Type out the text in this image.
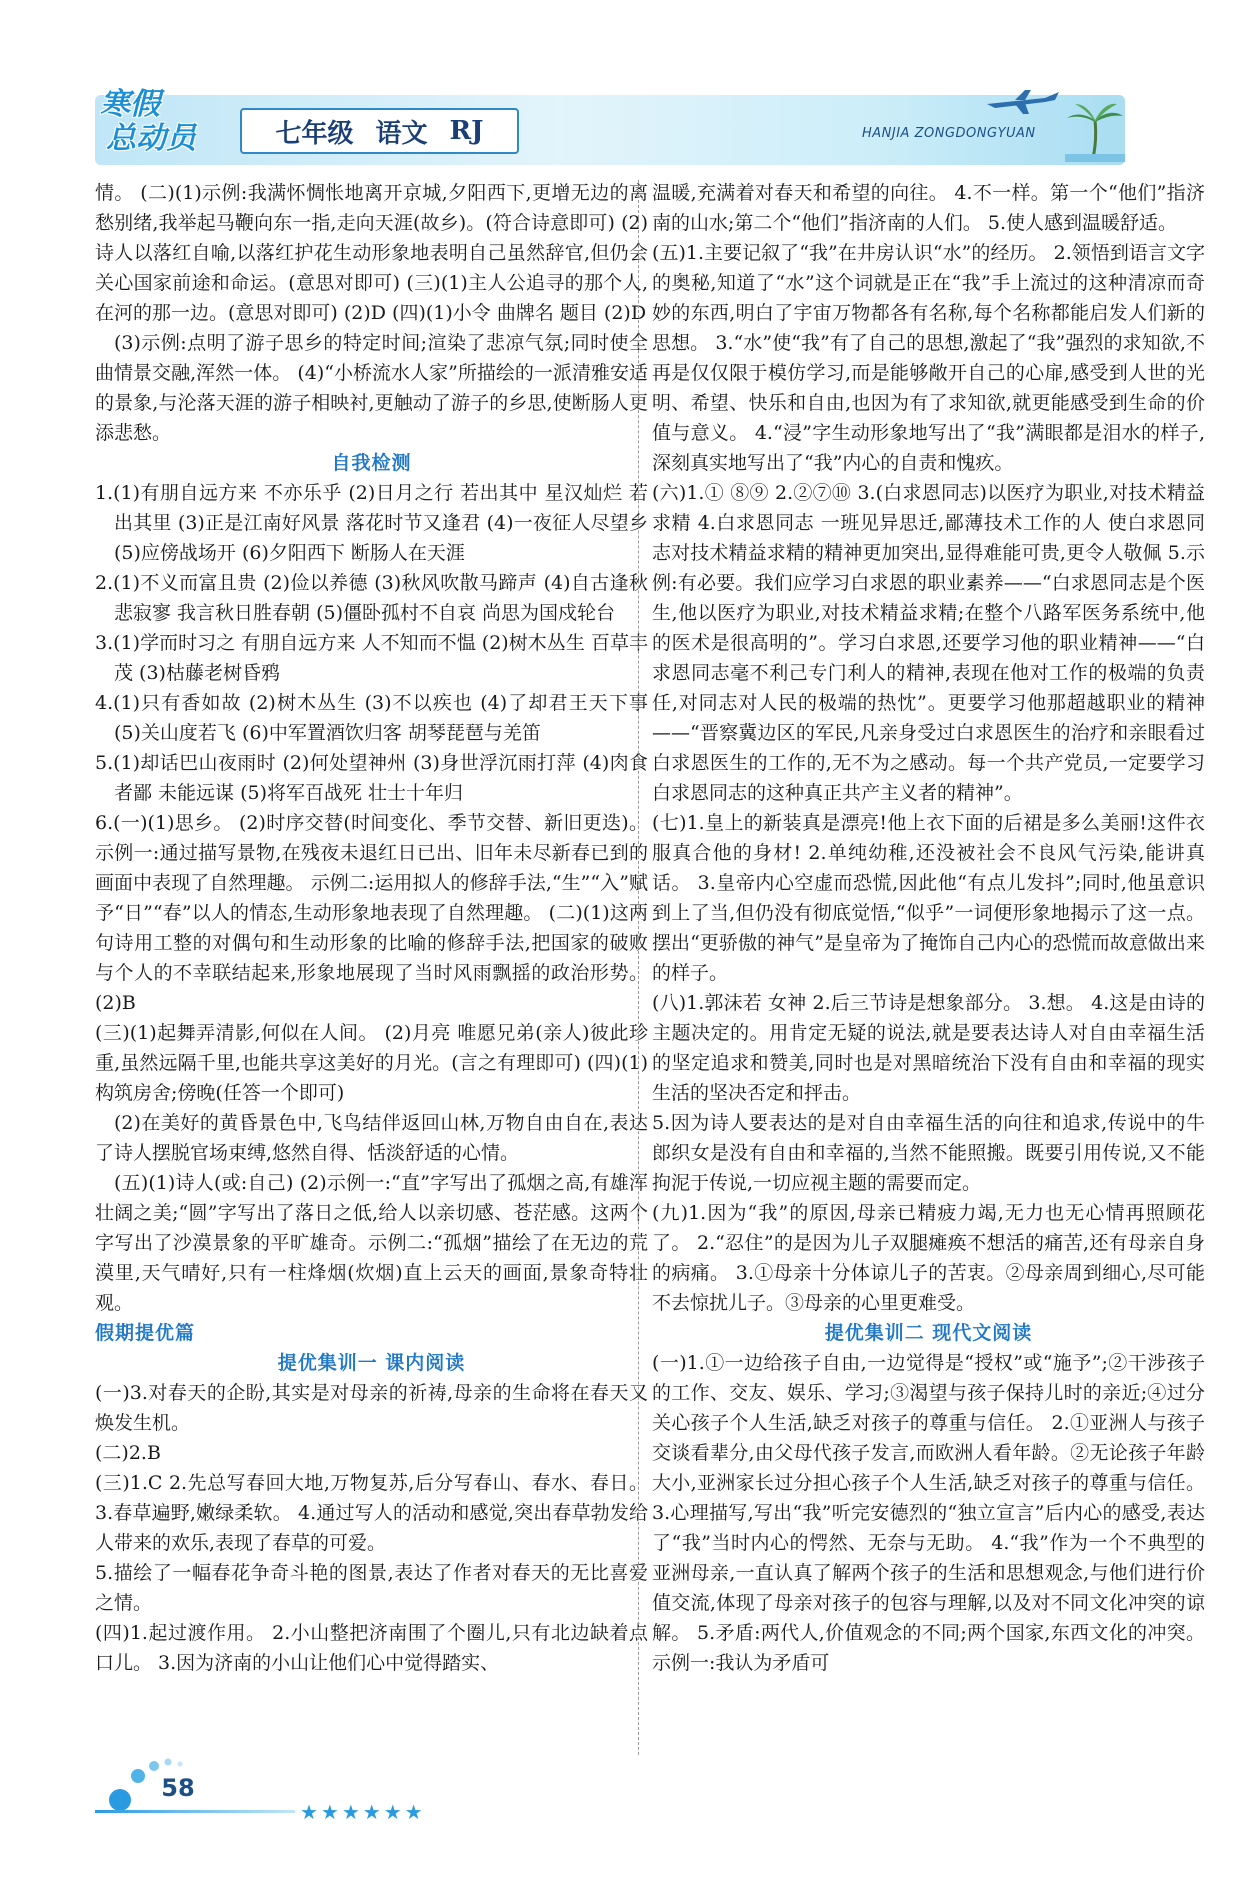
寒假
总动员	七年级 语文 RJ	HANJIA ZONGDONGYUAN

情。 (二)(1)示例:我满怀惆怅地离开京城,夕阳西下,更增无边的离愁别绪,我举起马鞭向东一指,走向天涯(故乡)。(符合诗意即可) (2)诗人以落红自喻,以落红护花生动形象地表明自己虽然辞官,但仍会关心国家前途和命运。(意思对即可) (三)(1)主人公追寻的那个人,在河的那一边。(意思对即可) (2)D (四)(1)小令 曲牌名 题目 (2)D

(3)示例:点明了游子思乡的特定时间;渲染了悲凉气氛;同时使全曲情景交融,浑然一体。 (4)“小桥流水人家”所描绘的一派清雅安适的景象,与沦落天涯的游子相映衬,更触动了游子的乡思,使断肠人更添悲愁。

自我检测

1.(1)有朋自远方来 不亦乐乎 (2)日月之行 若出其中 星汉灿烂 若出其里 (3)正是江南好风景 落花时节又逢君 (4)一夜征人尽望乡 (5)应傍战场开 (6)夕阳西下 断肠人在天涯

2.(1)不义而富且贵 (2)俭以养德 (3)秋风吹散马蹄声 (4)自古逢秋悲寂寥 我言秋日胜春朝 (5)僵卧孤村不自哀 尚思为国戍轮台

3.(1)学而时习之 有朋自远方来 人不知而不愠 (2)树木丛生 百草丰茂 (3)枯藤老树昏鸦

4.(1)只有香如故 (2)树木丛生 (3)不以疾也 (4)了却君王天下事 (5)关山度若飞 (6)中军置酒饮归客 胡琴琵琶与羌笛

5.(1)却话巴山夜雨时 (2)何处望神州 (3)身世浮沉雨打萍 (4)肉食者鄙 未能远谋 (5)将军百战死 壮士十年归

6.(一)(1)思乡。 (2)时序交替(时间变化、季节交替、新旧更迭)。示例一:通过描写景物,在残夜未退红日已出、旧年未尽新春已到的画面中表现了自然理趣。 示例二:运用拟人的修辞手法,“生”“入”赋予“日”“春”以人的情态,生动形象地表现了自然理趣。 (二)(1)这两句诗用工整的对偶句和生动形象的比喻的修辞手法,把国家的破败与个人的不幸联结起来,形象地展现了当时风雨飘摇的政治形势。 (2)B

(三)(1)起舞弄清影,何似在人间。 (2)月亮 唯愿兄弟(亲人)彼此珍重,虽然远隔千里,也能共享这美好的月光。(言之有理即可) (四)(1)构筑房舍;傍晚(任答一个即可)

(2)在美好的黄昏景色中,飞鸟结伴返回山林,万物自由自在,表达了诗人摆脱官场束缚,悠然自得、恬淡舒适的心情。

(五)(1)诗人(或:自己) (2)示例一:“直”字写出了孤烟之高,有雄浑壮阔之美;“圆”字写出了落日之低,给人以亲切感、苍茫感。这两个字写出了沙漠景象的平旷雄奇。示例二:“孤烟”描绘了在无边的荒漠里,天气晴好,只有一柱烽烟(炊烟)直上云天的画面,景象奇特壮观。

假期提优篇

提优集训一 课内阅读

(一)3.对春天的企盼,其实是对母亲的祈祷,母亲的生命将在春天又焕发生机。

(二)2.B

(三)1.C 2.先总写春回大地,万物复苏,后分写春山、春水、春日。 3.春草遍野,嫩绿柔软。 4.通过写人的活动和感觉,突出春草勃发给人带来的欢乐,表现了春草的可爱。

5.描绘了一幅春花争奇斗艳的图景,表达了作者对春天的无比喜爱之情。

(四)1.起过渡作用。 2.小山整把济南围了个圈儿,只有北边缺着点口儿。 3.因为济南的小山让他们心中觉得踏实、

温暖,充满着对春天和希望的向往。 4.不一样。第一个“他们”指济南的山水;第二个“他们”指济南的人们。 5.使人感到温暖舒适。

(五)1.主要记叙了“我”在井房认识“水”的经历。 2.领悟到语言文字的奥秘,知道了“水”这个词就是正在“我”手上流过的这种清凉而奇妙的东西,明白了宇宙万物都各有名称,每个名称都能启发人们新的思想。 3.“水”使“我”有了自己的思想,激起了“我”强烈的求知欲,不再是仅仅限于模仿学习,而是能够敞开自己的心扉,感受到人世的光明、希望、快乐和自由,也因为有了求知欲,就更能感受到生命的价值与意义。 4.“浸”字生动形象地写出了“我”满眼都是泪水的样子,深刻真实地写出了“我”内心的自责和愧疚。

(六)1.① ⑧⑨ 2.②⑦⑩ 3.(白求恩同志)以医疗为职业,对技术精益求精 4.白求恩同志 一班见异思迁,鄙薄技术工作的人 使白求恩同志对技术精益求精的精神更加突出,显得难能可贵,更令人敬佩 5.示例:有必要。我们应学习白求恩的职业素养——“白求恩同志是个医生,他以医疗为职业,对技术精益求精;在整个八路军医务系统中,他的医术是很高明的”。学习白求恩,还要学习他的职业精神——“白求恩同志毫不利己专门利人的精神,表现在他对工作的极端的负责任,对同志对人民的极端的热忱”。更要学习他那超越职业的精神——“晋察冀边区的军民,凡亲身受过白求恩医生的治疗和亲眼看过白求恩医生的工作的,无不为之感动。每一个共产党员,一定要学习白求恩同志的这种真正共产主义者的精神”。

(七)1.皇上的新装真是漂亮!他上衣下面的后裙是多么美丽!这件衣服真合他的身材! 2.单纯幼稚,还没被社会不良风气污染,能讲真话。 3.皇帝内心空虚而恐慌,因此他“有点儿发抖”;同时,他虽意识到上了当,但仍没有彻底觉悟,“似乎”一词便形象地揭示了这一点。摆出“更骄傲的神气”是皇帝为了掩饰自己内心的恐慌而故意做出来的样子。

(八)1.郭沫若 女神 2.后三节诗是想象部分。 3.想。 4.这是由诗的主题决定的。用肯定无疑的说法,就是要表达诗人对自由幸福生活的坚定追求和赞美,同时也是对黑暗统治下没有自由和幸福的现实生活的坚决否定和抨击。

5.因为诗人要表达的是对自由幸福生活的向往和追求,传说中的牛郎织女是没有自由和幸福的,当然不能照搬。既要引用传说,又不能拘泥于传说,一切应视主题的需要而定。

(九)1.因为“我”的原因,母亲已精疲力竭,无力也无心情再照顾花了。 2.“忍住”的是因为儿子双腿瘫痪不想活的痛苦,还有母亲自身的病痛。 3.①母亲十分体谅儿子的苦衷。②母亲周到细心,尽可能不去惊扰儿子。③母亲的心里更难受。

提优集训二 现代文阅读

(一)1.①一边给孩子自由,一边觉得是“授权”或“施予”;②干涉孩子的工作、交友、娱乐、学习;③渴望与孩子保持儿时的亲近;④过分关心孩子个人生活,缺乏对孩子的尊重与信任。 2.①亚洲人与孩子交谈看辈分,由父母代孩子发言,而欧洲人看年龄。②无论孩子年龄大小,亚洲家长过分担心孩子个人生活,缺乏对孩子的尊重与信任。 3.心理描写,写出“我”听完安德烈的“独立宣言”后内心的感受,表达了“我”当时内心的愕然、无奈与无助。 4.“我”作为一个不典型的亚洲母亲,一直认真了解两个孩子的生活和思想观念,与他们进行价值交流,体现了母亲对孩子的包容与理解,以及对不同文化冲突的谅解。 5.矛盾:两代人,价值观念的不同;两个国家,东西文化的冲突。示例一:我认为矛盾可

58
★★★★★★
